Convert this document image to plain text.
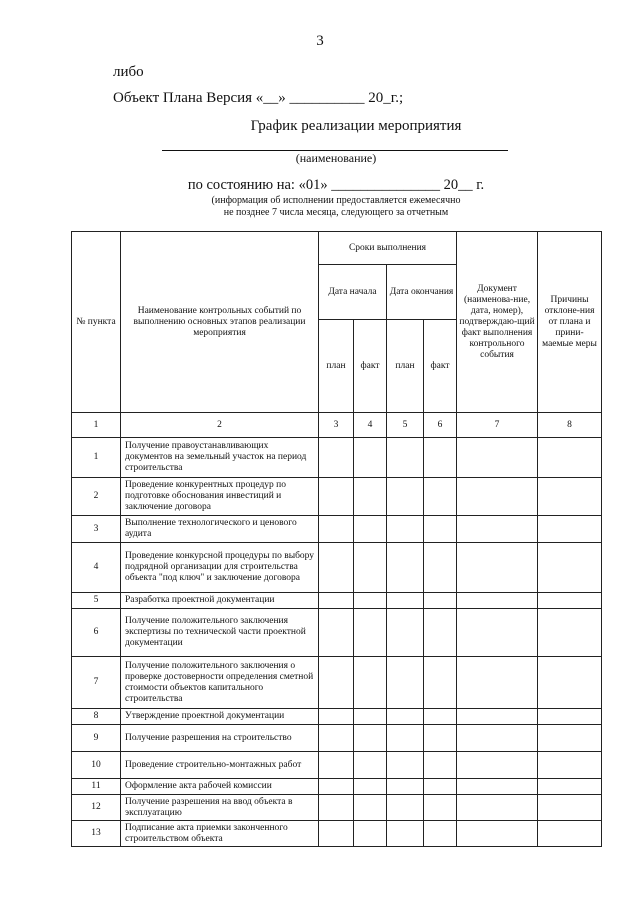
3
либо
Объект Плана Версия «__» __________ 20_г.;
График реализации мероприятия
(наименование)
по состоянию на: «01» _______________ 20__ г.
(информация об исполнении предоставляется ежемесячно
не позднее 7 числа месяца, следующего за отчетным
№ пункта	Наименование контрольных событий по выполнению основных этапов реализации мероприятия	Сроки выполнения				Документ (наименова-ние, дата, номер), подтверждаю-щий факт выполнения контрольного события	Причины отклоне-ния от плана и прини-маемые меры
		Дата начала		Дата окончания			
		план	факт	план	факт		
1	2	3	4	5	6	7	8
1	Получение правоустанавливающих документов на земельный участок на период строительства						
2	Проведение конкурентных процедур по подготовке обоснования инвестиций и заключение договора						
3	Выполнение технологического и ценового аудита						
4	Проведение конкурсной процедуры по выбору подрядной организации для строительства объекта "под ключ" и заключение договора						
5	Разработка проектной документации						
6	Получение положительного заключения экспертизы по технической части проектной документации						
7	Получение положительного заключения о проверке достоверности определения сметной стоимости объектов капитального строительства						
8	Утверждение проектной документации						
9	Получение разрешения на строительство						
10	Проведение строительно-монтажных работ						
11	Оформление акта рабочей комиссии						
12	Получение разрешения на ввод объекта в эксплуатацию						
13	Подписание акта приемки законченного строительством объекта						
